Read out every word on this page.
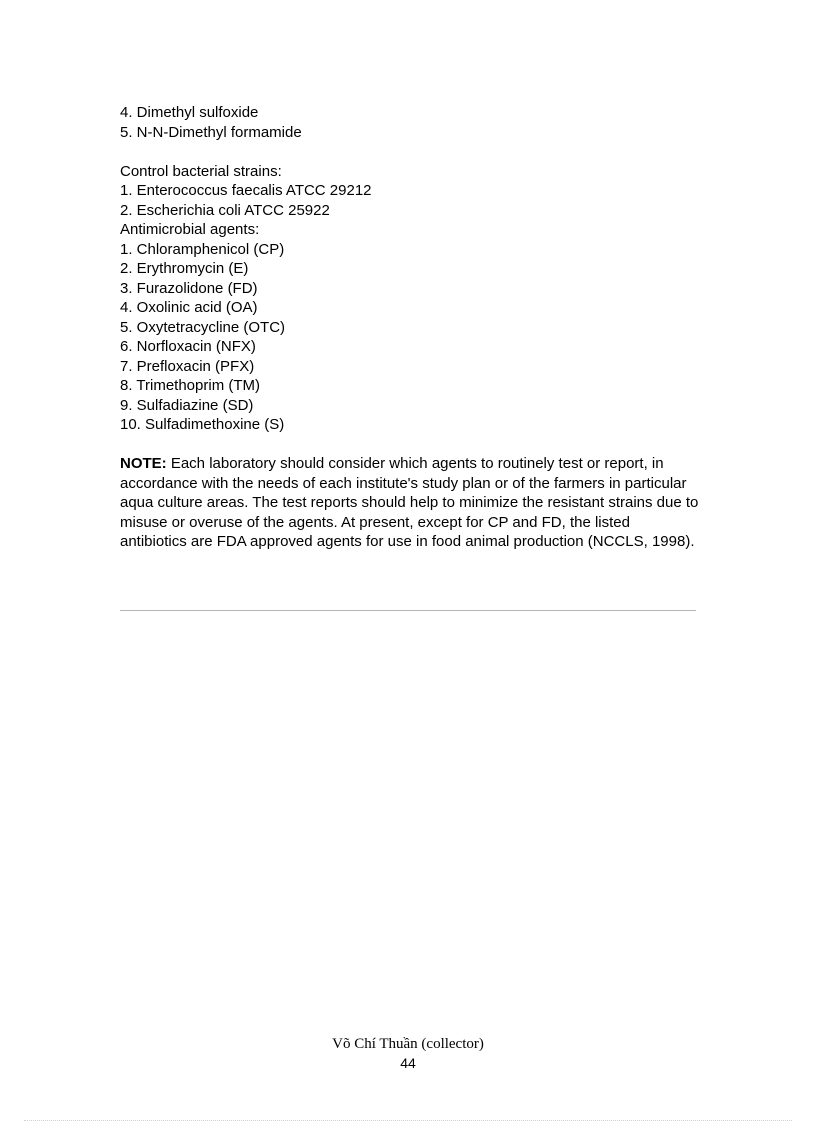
4. Dimethyl sulfoxide
5. N-N-Dimethyl formamide
Control bacterial strains:
1. Enterococcus faecalis ATCC 29212
2. Escherichia coli ATCC 25922
Antimicrobial agents:
1. Chloramphenicol (CP)
2. Erythromycin (E)
3. Furazolidone (FD)
4. Oxolinic acid (OA)
5. Oxytetracycline (OTC)
6. Norfloxacin (NFX)
7. Prefloxacin (PFX)
8. Trimethoprim (TM)
9. Sulfadiazine (SD)
10. Sulfadimethoxine (S)
NOTE: Each laboratory should consider which agents to routinely test or report, in accordance with the needs of each institute's study plan or of the farmers in particular aqua culture areas. The test reports should help to minimize the resistant strains due to misuse or overuse of the agents. At present, except for CP and FD, the listed antibiotics are FDA approved agents for use in food animal production (NCCLS, 1998).
Võ Chí Thuần (collector)
44
